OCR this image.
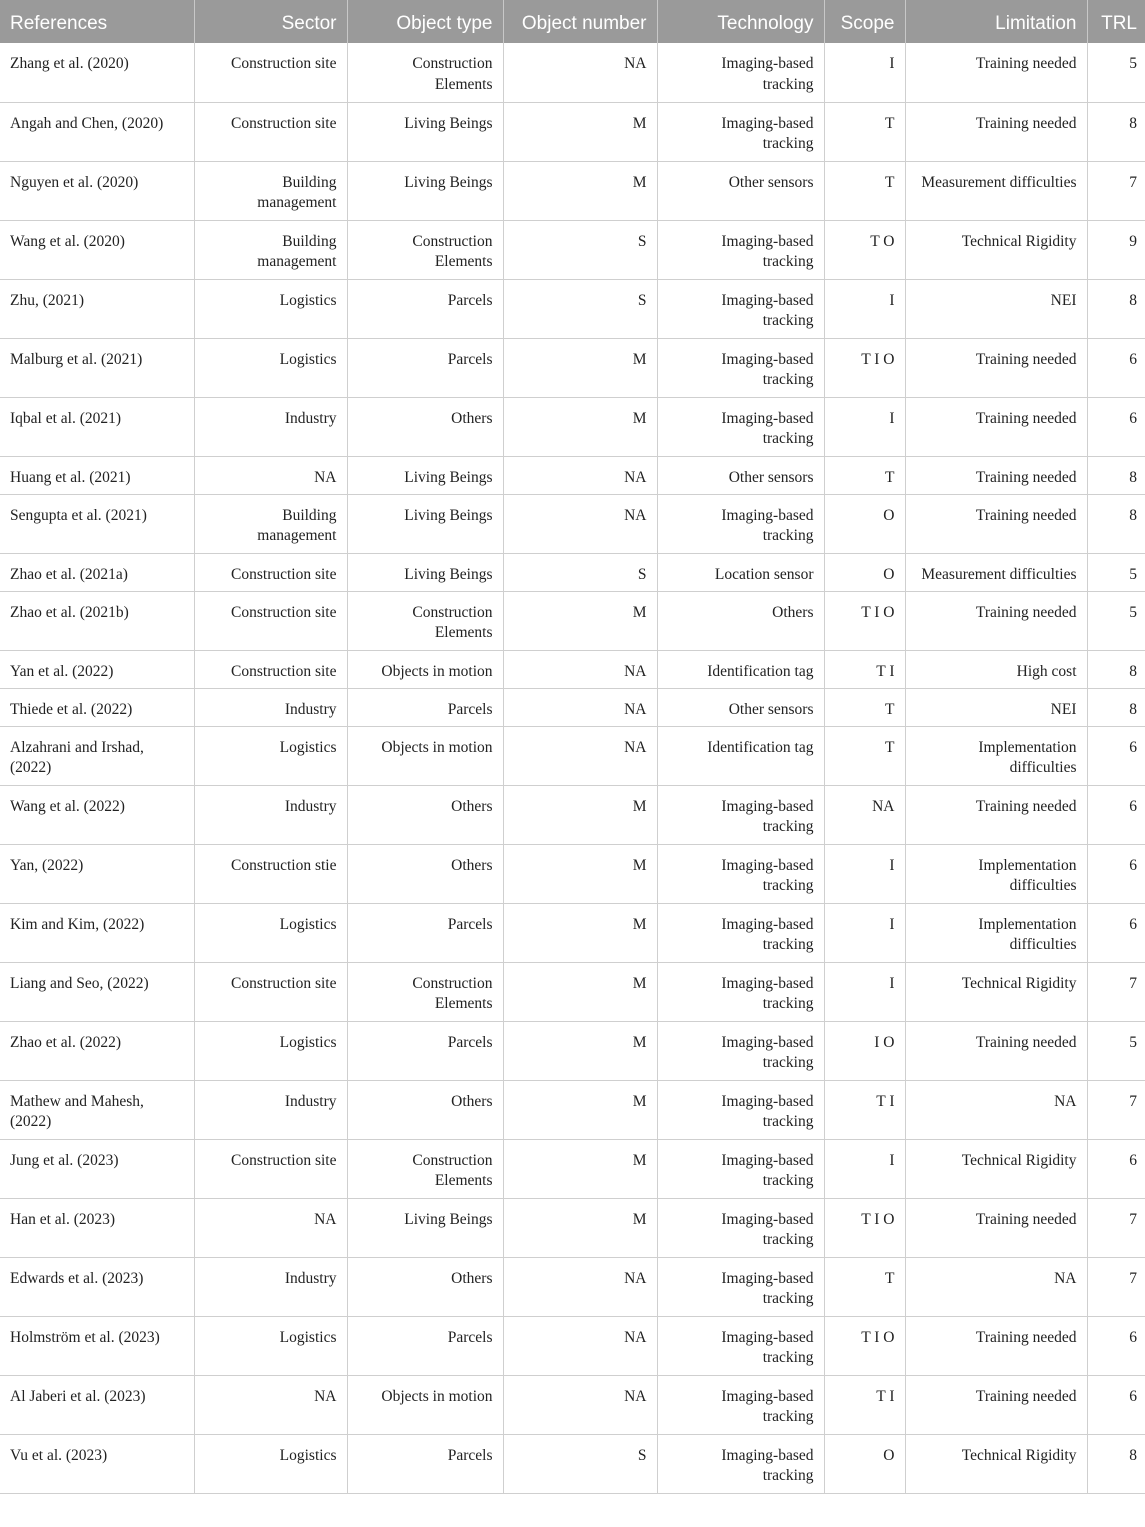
References	Sector	Object type	Object number	Technology	Scope	Limitation	TRL
Zhang et al. (2020)	Construction site	Construction Elements	NA	Imaging-based tracking	I	Training needed	5
Angah and Chen, (2020)	Construction site	Living Beings	M	Imaging-based tracking	T	Training needed	8
Nguyen et al. (2020)	Building management	Living Beings	M	Other sensors	T	Measurement difficulties	7
Wang et al. (2020)	Building management	Construction Elements	S	Imaging-based tracking	T O	Technical Rigidity	9
Zhu, (2021)	Logistics	Parcels	S	Imaging-based tracking	I	NEI	8
Malburg et al. (2021)	Logistics	Parcels	M	Imaging-based tracking	T I O	Training needed	6
Iqbal et al. (2021)	Industry	Others	M	Imaging-based tracking	I	Training needed	6
Huang et al. (2021)	NA	Living Beings	NA	Other sensors	T	Training needed	8
Sengupta et al. (2021)	Building management	Living Beings	NA	Imaging-based tracking	O	Training needed	8
Zhao et al. (2021a)	Construction site	Living Beings	S	Location sensor	O	Measurement difficulties	5
Zhao et al. (2021b)	Construction site	Construction Elements	M	Others	T I O	Training needed	5
Yan et al. (2022)	Construction site	Objects in motion	NA	Identification tag	T I	High cost	8
Thiede et al. (2022)	Industry	Parcels	NA	Other sensors	T	NEI	8
Alzahrani and Irshad, (2022)	Logistics	Objects in motion	NA	Identification tag	T	Implementation difficulties	6
Wang et al. (2022)	Industry	Others	M	Imaging-based tracking	NA	Training needed	6
Yan, (2022)	Construction stie	Others	M	Imaging-based tracking	I	Implementation difficulties	6
Kim and Kim, (2022)	Logistics	Parcels	M	Imaging-based tracking	I	Implementation difficulties	6
Liang and Seo, (2022)	Construction site	Construction Elements	M	Imaging-based tracking	I	Technical Rigidity	7
Zhao et al. (2022)	Logistics	Parcels	M	Imaging-based tracking	I O	Training needed	5
Mathew and Mahesh, (2022)	Industry	Others	M	Imaging-based tracking	T I	NA	7
Jung et al. (2023)	Construction site	Construction Elements	M	Imaging-based tracking	I	Technical Rigidity	6
Han et al. (2023)	NA	Living Beings	M	Imaging-based tracking	T I O	Training needed	7
Edwards et al. (2023)	Industry	Others	NA	Imaging-based tracking	T	NA	7
Holmström et al. (2023)	Logistics	Parcels	NA	Imaging-based tracking	T I O	Training needed	6
Al Jaberi et al. (2023)	NA	Objects in motion	NA	Imaging-based tracking	T I	Training needed	6
Vu et al. (2023)	Logistics	Parcels	S	Imaging-based tracking	O	Technical Rigidity	8
